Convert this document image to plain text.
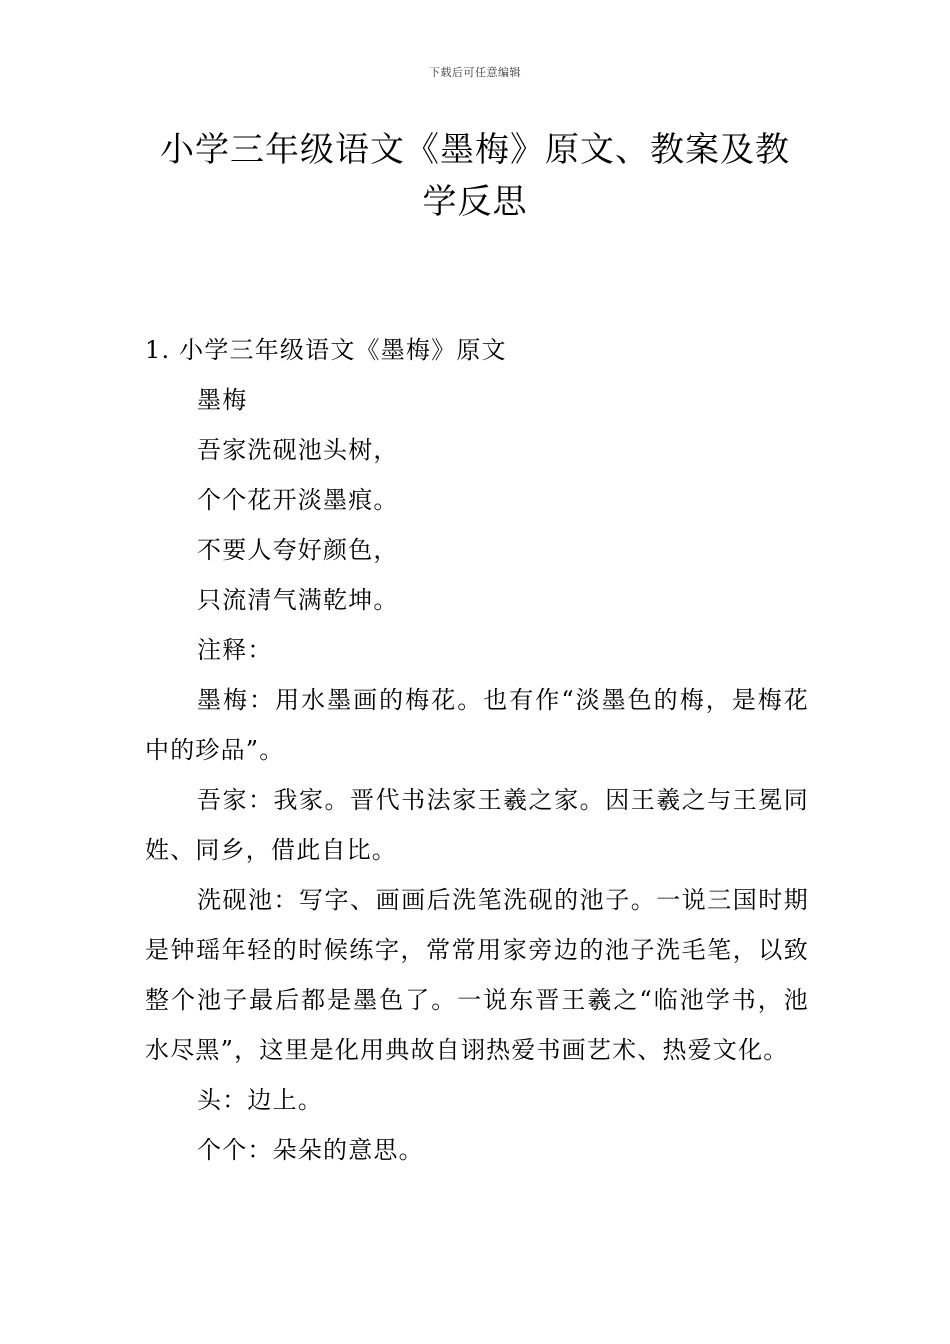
下载后可任意编辑
小学三年级语文《墨梅》原文、教案及教
学反思

1. 小学三年级语文《墨梅》原文

墨梅

吾家洗砚池头树，

个个花开淡墨痕。

不要人夸好颜色，

只流清气满乾坤。

注释：

墨梅：用水墨画的梅花。也有作“淡墨色的梅，是梅花中的珍品”。

吾家：我家。晋代书法家王羲之家。因王羲之与王冕同姓、同乡，借此自比。

洗砚池：写字、画画后洗笔洗砚的池子。一说三国时期是钟瑶年轻的时候练字，常常用家旁边的池子洗毛笔，以致整个池子最后都是墨色了。一说东晋王羲之“临池学书，池水尽黑”，这里是化用典故自诩热爱书画艺术、热爱文化。

头：边上。

个个：朵朵的意思。
